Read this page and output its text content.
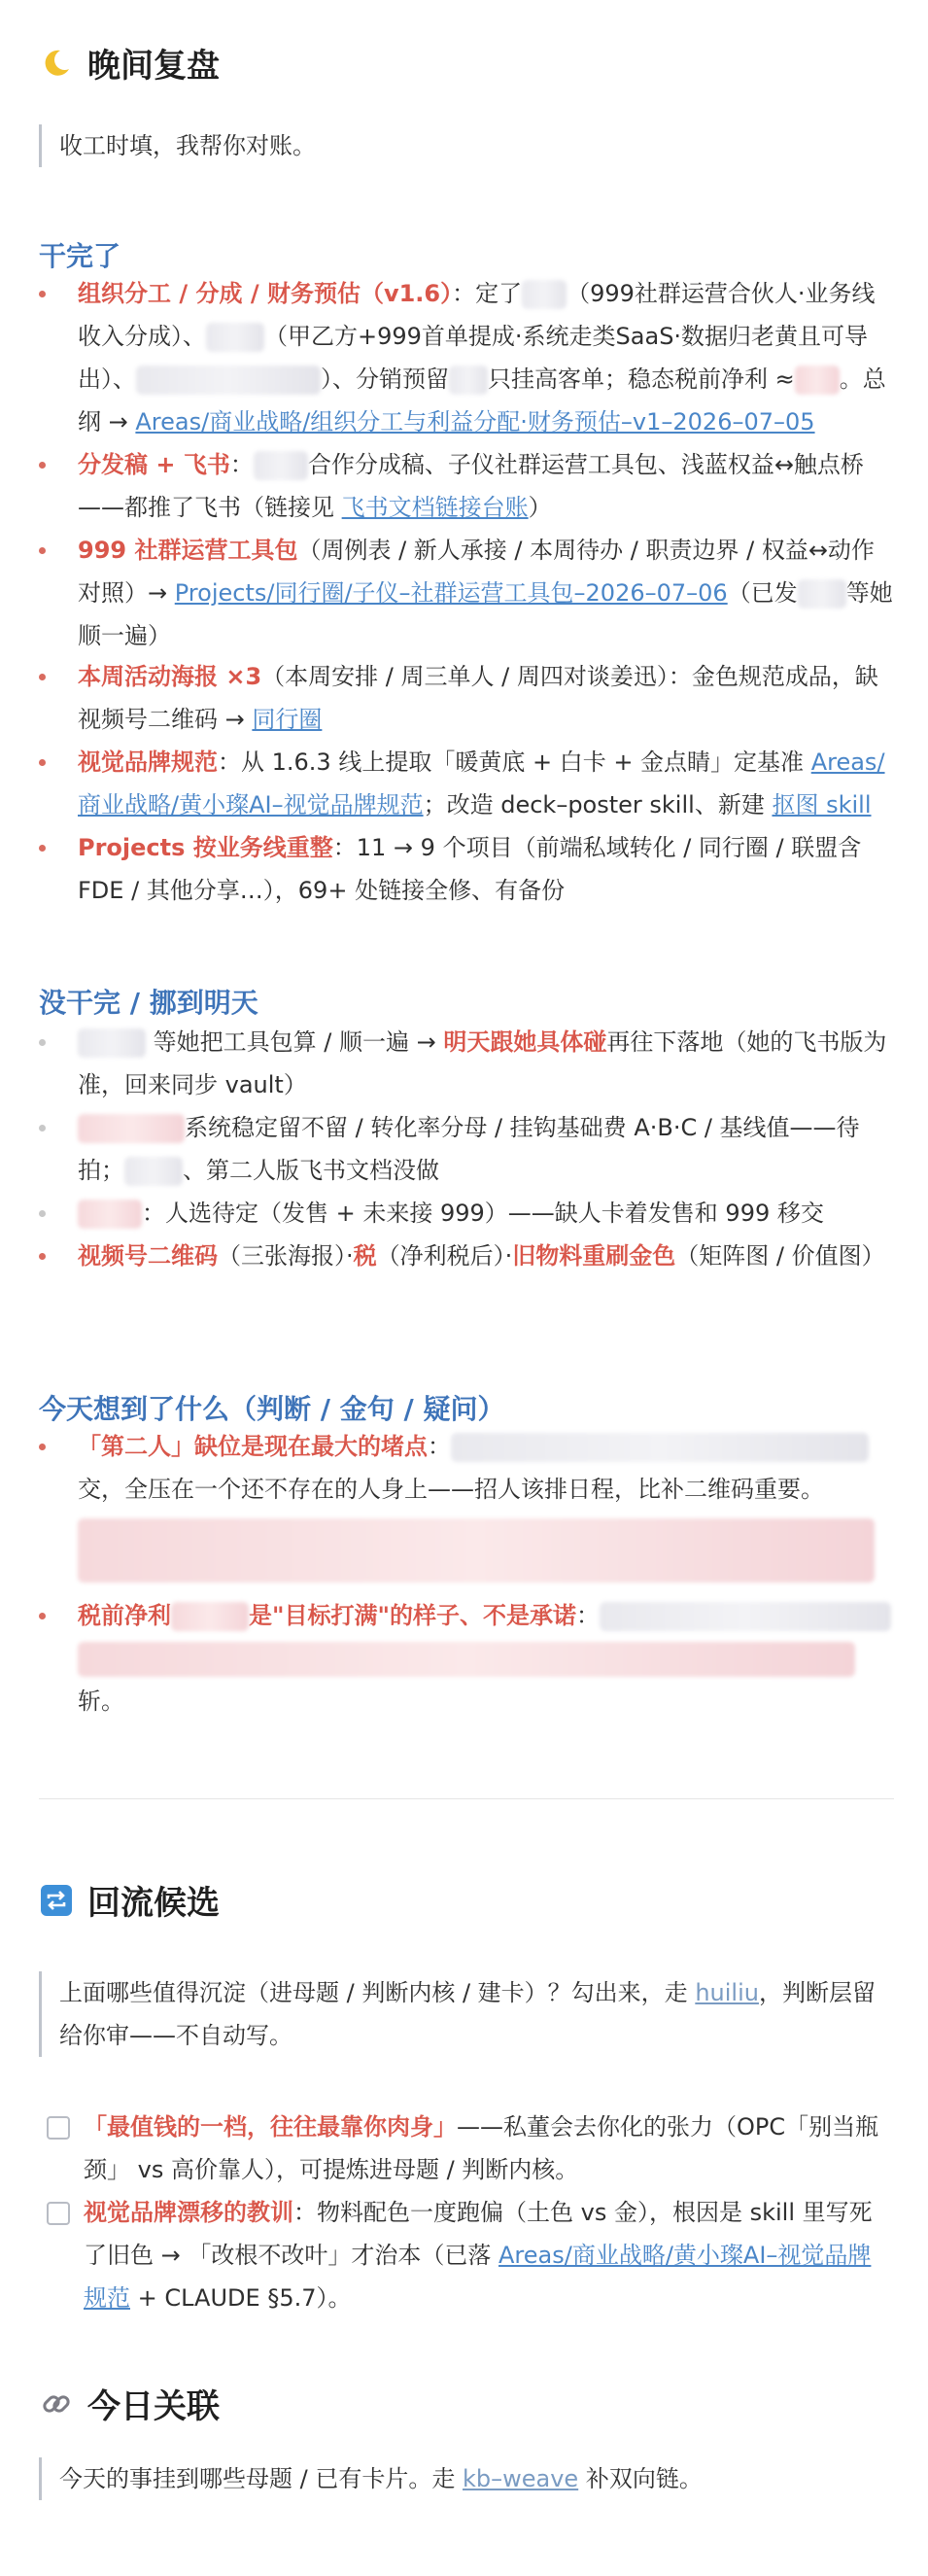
晚间复盘
收工时填，我帮你对账。
干完了
组织分工 / 分成 / 财务预估（v1.6）：定了 （999社群运营合伙人·业务线收入分成）、	（甲乙方+999首单提成·系统走类SaaS·数据归老黄且可导出）、	）、分销预留 只挂高客单；稳态税前净利 ≈ 。总纲 → Areas/商业战略/组织分工与利益分配·财务预估–v1–2026–07–05
分发稿 + 飞书： 合作分成稿、子仪社群运营工具包、浅蓝权益↔触点桥——都推了飞书（链接见 飞书文档链接台账）
999 社群运营工具包（周例表 / 新人承接 / 本周待办 / 职责边界 / 权益↔动作对照）→ Projects/同行圈/子仪–社群运营工具包–2026–07–06（已发 等她顺一遍）
本周活动海报 ×3（本周安排 / 周三单人 / 周四对谈姜迅）：金色规范成品，缺视频号二维码 → 同行圈
视觉品牌规范：从 1.6.3 线上提取「暖黄底 + 白卡 + 金点睛」定基准 Areas/商业战略/黄小璨AI–视觉品牌规范；改造 deck–poster skill、新建 抠图 skill
Projects 按业务线重整：11 → 9 个项目（前端私域转化 / 同行圈 / 联盟含 FDE / 其他分享…），69+ 处链接全修、有备份
没干完 / 挪到明天
等她把工具包算 / 顺一遍 → 明天跟她具体碰再往下落地（她的飞书版为准，回来同步 vault）
系统稳定留不留 / 转化率分母 / 挂钩基础费 A·B·C / 基线值——待拍；	、第二人版飞书文档没做
：人选待定（发售 + 未来接 999）——缺人卡着发售和 999 移交
视频号二维码（三张海报）·税（净利税后）·旧物料重刷金色（矩阵图 / 价值图）
今天想到了什么（判断 / 金句 / 疑问）
「第二人」缺位是现在最大的堵点：
交，全压在一个还不存在的人身上——招人该排日程，比补二维码重要。

税前净利	是"目标打满"的样子、不是承诺：

斩。
回流候选
上面哪些值得沉淀（进母题 / 判断内核 / 建卡）？勾出来，走 huiliu，判断层留给你审——不自动写。
「最值钱的一档，往往最靠你肉身」——私董会去你化的张力（OPC「别当瓶颈」 vs 高价靠人），可提炼进母题 / 判断内核。
视觉品牌漂移的教训：物料配色一度跑偏（土色 vs 金），根因是 skill 里写死了旧色 → 「改根不改叶」才治本（已落 Areas/商业战略/黄小璨AI–视觉品牌规范 + CLAUDE §5.7）。
今日关联
今天的事挂到哪些母题 / 已有卡片。走 kb–weave 补双向链。
